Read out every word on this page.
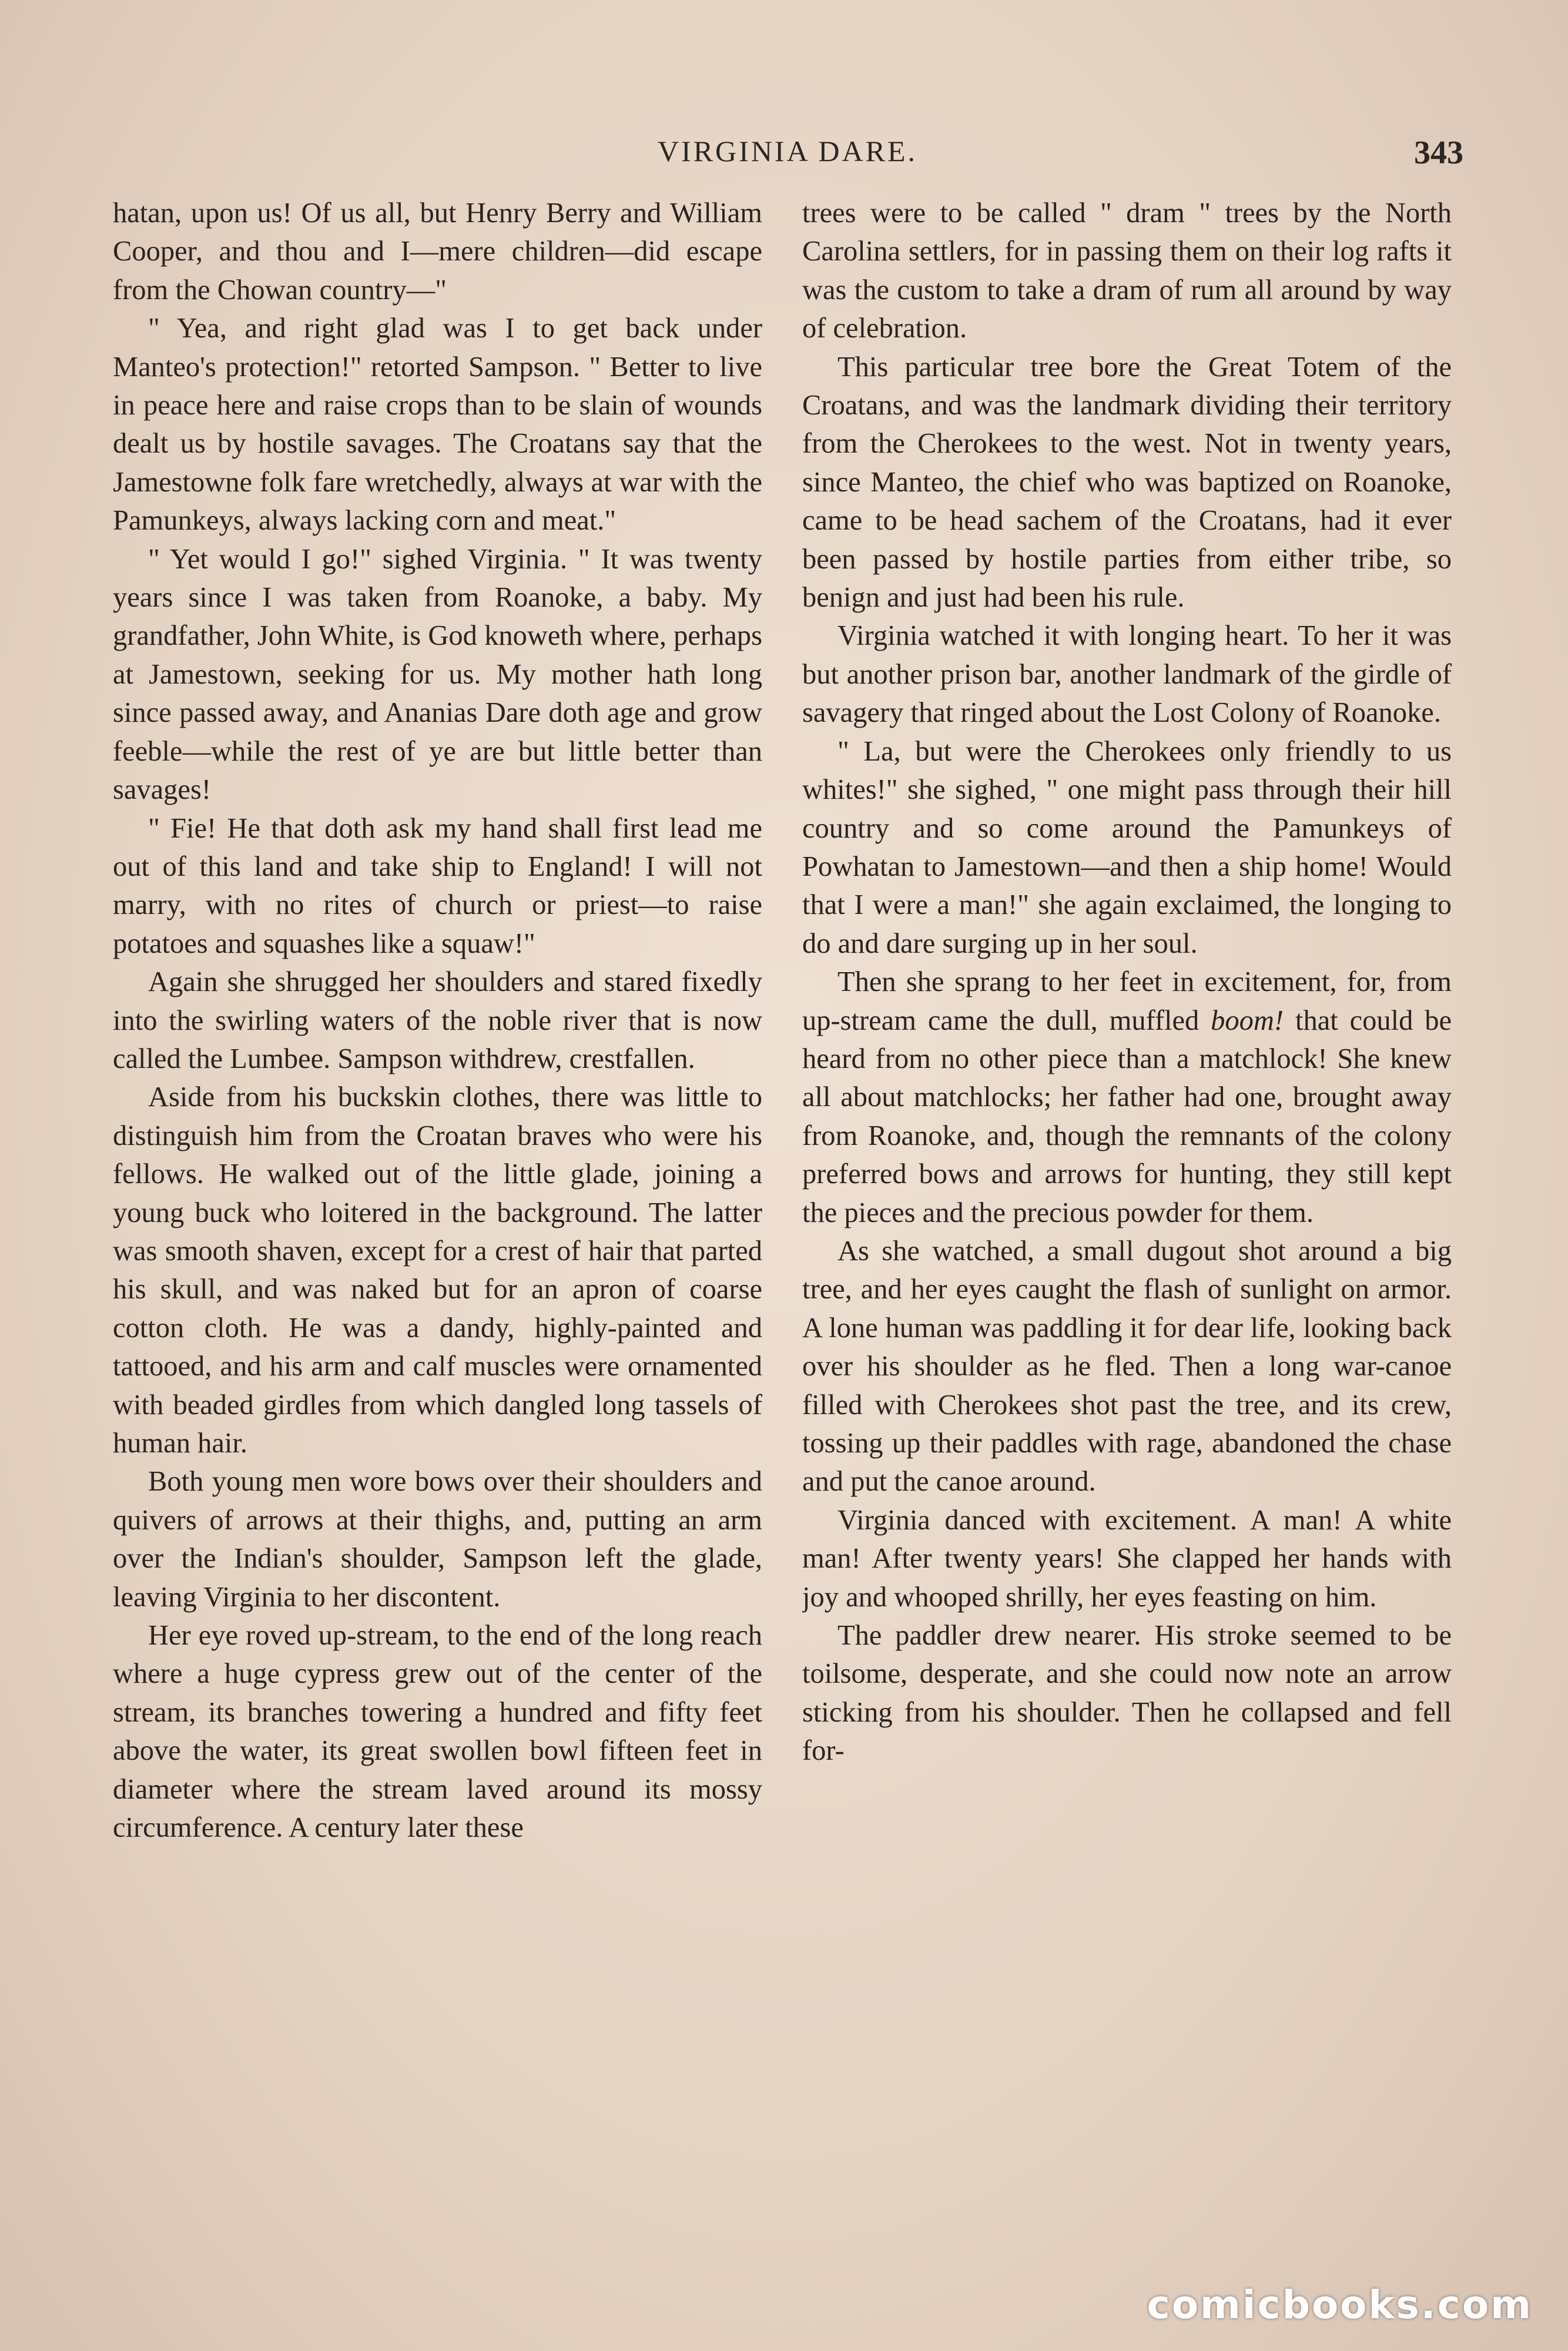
VIRGINIA DARE.	343

hatan, upon us! Of us all, but Henry Berry and William Cooper, and thou and I—mere children—did escape from the Chowan country—"

" Yea, and right glad was I to get back under Manteo's protection!" retorted Sampson. " Better to live in peace here and raise crops than to be slain of wounds dealt us by hostile savages. The Croatans say that the Jamestowne folk fare wretchedly, always at war with the Pamunkeys, always lacking corn and meat."

" Yet would I go!" sighed Virginia. " It was twenty years since I was taken from Roanoke, a baby. My grandfather, John White, is God knoweth where, perhaps at Jamestown, seeking for us. My mother hath long since passed away, and Ananias Dare doth age and grow feeble—while the rest of ye are but little better than savages!

" Fie! He that doth ask my hand shall first lead me out of this land and take ship to England! I will not marry, with no rites of church or priest—to raise potatoes and squashes like a squaw!"

Again she shrugged her shoulders and stared fixedly into the swirling waters of the noble river that is now called the Lumbee. Sampson withdrew, crestfallen.

Aside from his buckskin clothes, there was little to distinguish him from the Croatan braves who were his fellows. He walked out of the little glade, joining a young buck who loitered in the background. The latter was smooth shaven, except for a crest of hair that parted his skull, and was naked but for an apron of coarse cotton cloth. He was a dandy, highly-painted and tattooed, and his arm and calf muscles were ornamented with beaded girdles from which dangled long tassels of human hair.

Both young men wore bows over their shoulders and quivers of arrows at their thighs, and, putting an arm over the Indian's shoulder, Sampson left the glade, leaving Virginia to her discontent.

Her eye roved up-stream, to the end of the long reach where a huge cypress grew out of the center of the stream, its branches towering a hundred and fifty feet above the water, its great swollen bowl fifteen feet in diameter where the stream laved around its mossy circumference. A century later these

trees were to be called " dram " trees by the North Carolina settlers, for in passing them on their log rafts it was the custom to take a dram of rum all around by way of celebration.

This particular tree bore the Great Totem of the Croatans, and was the landmark dividing their territory from the Cherokees to the west. Not in twenty years, since Manteo, the chief who was baptized on Roanoke, came to be head sachem of the Croatans, had it ever been passed by hostile parties from either tribe, so benign and just had been his rule.

Virginia watched it with longing heart. To her it was but another prison bar, another landmark of the girdle of savagery that ringed about the Lost Colony of Roanoke.

" La, but were the Cherokees only friendly to us whites!" she sighed, " one might pass through their hill country and so come around the Pamunkeys of Powhatan to Jamestown—and then a ship home! Would that I were a man!" she again exclaimed, the longing to do and dare surging up in her soul.

Then she sprang to her feet in excitement, for, from up-stream came the dull, muffled boom! that could be heard from no other piece than a matchlock! She knew all about matchlocks; her father had one, brought away from Roanoke, and, though the remnants of the colony preferred bows and arrows for hunting, they still kept the pieces and the precious powder for them.

As she watched, a small dugout shot around a big tree, and her eyes caught the flash of sunlight on armor. A lone human was paddling it for dear life, looking back over his shoulder as he fled. Then a long war-canoe filled with Cherokees shot past the tree, and its crew, tossing up their paddles with rage, abandoned the chase and put the canoe around.

Virginia danced with excitement. A man! A white man! After twenty years! She clapped her hands with joy and whooped shrilly, her eyes feasting on him.

The paddler drew nearer. His stroke seemed to be toilsome, desperate, and she could now note an arrow sticking from his shoulder. Then he collapsed and fell for-

comicbooks.com
